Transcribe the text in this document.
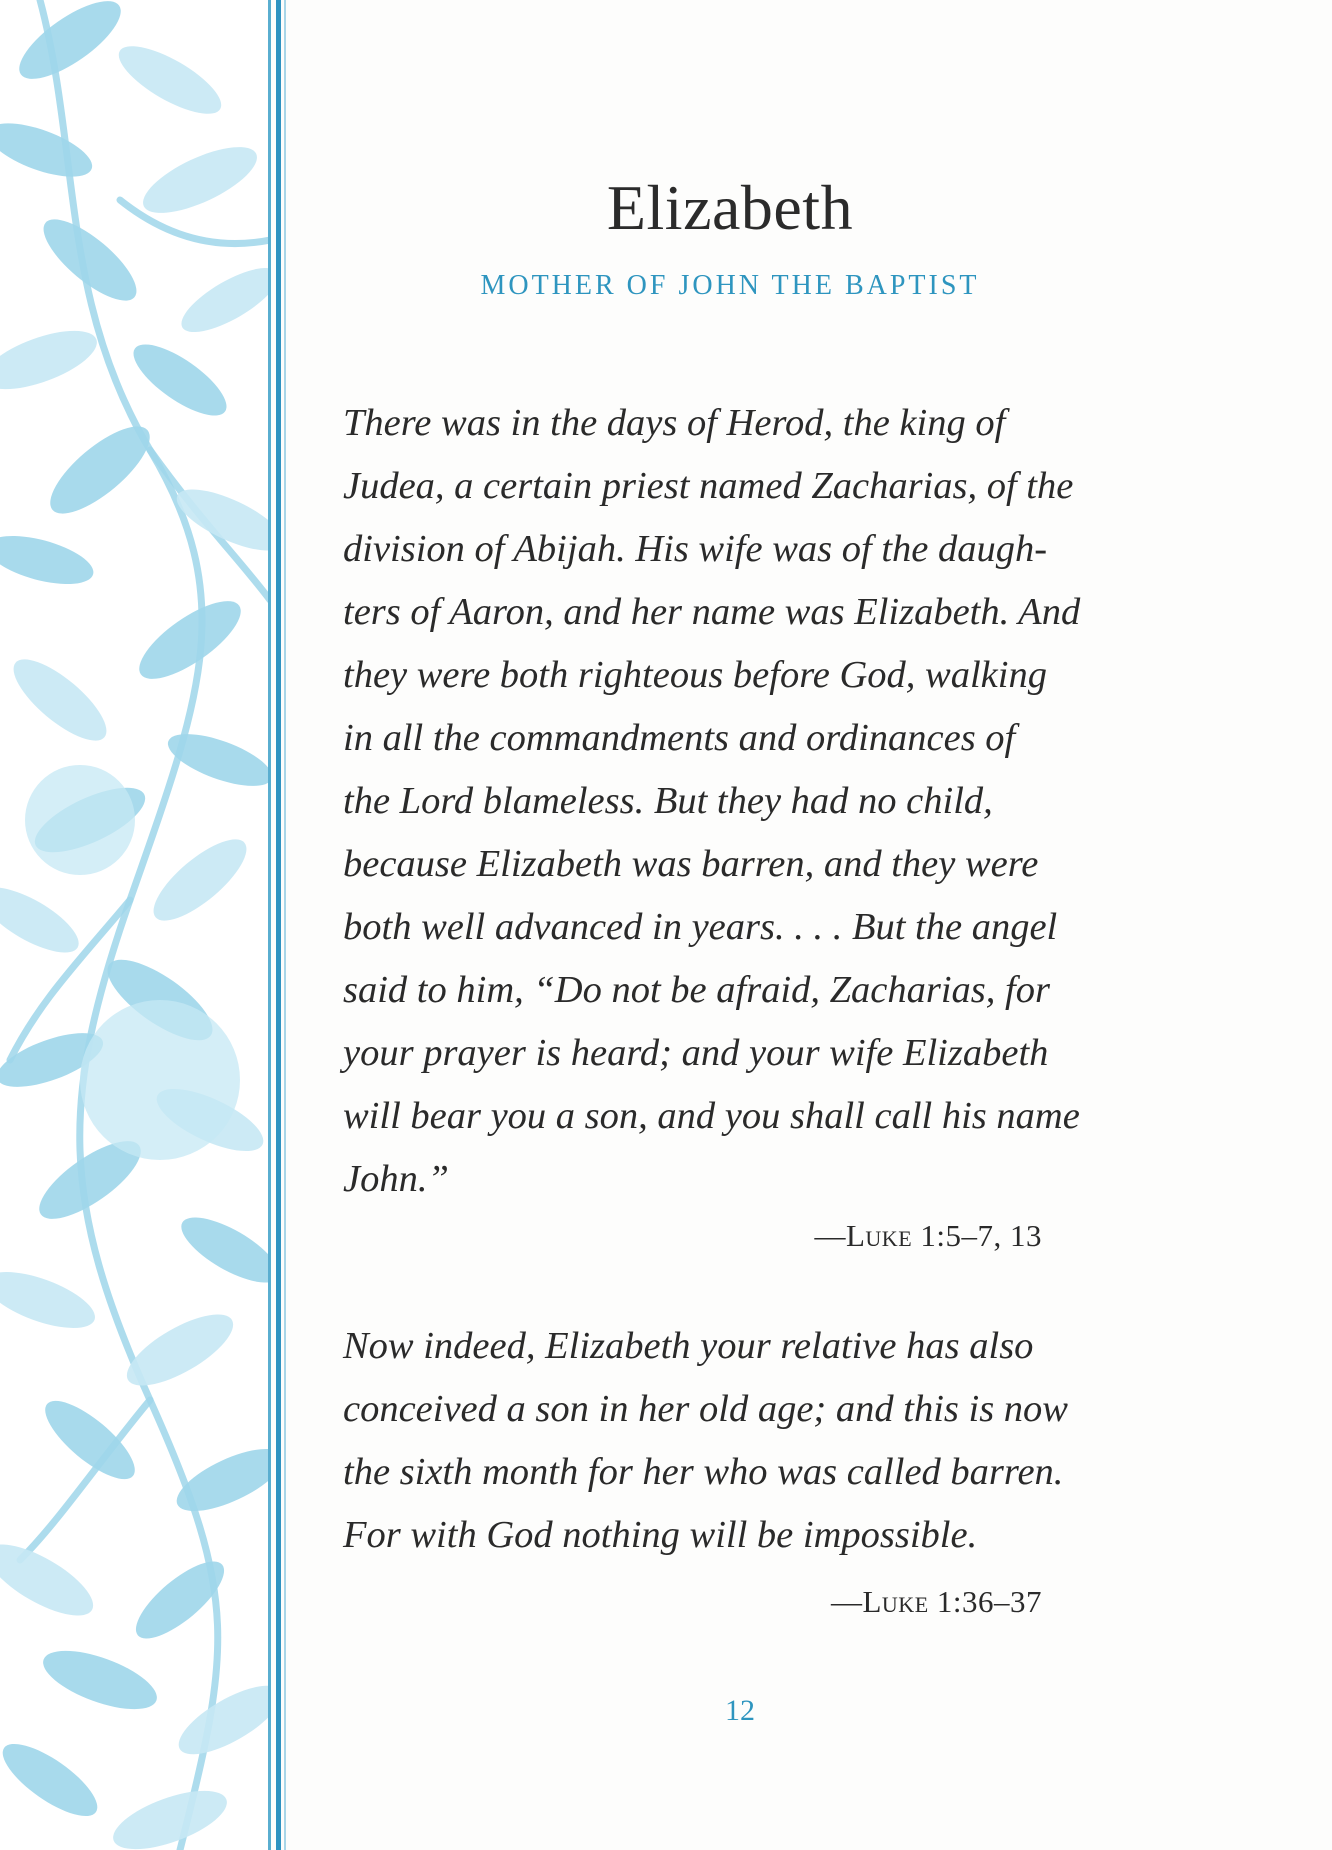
Elizabeth

MOTHER OF JOHN THE BAPTIST

There was in the days of Herod, the king of
Judea, a certain priest named Zacharias, of the
division of Abijah. His wife was of the daugh-
ters of Aaron, and her name was Elizabeth. And
they were both righteous before God, walking
in all the commandments and ordinances of
the Lord blameless. But they had no child,
because Elizabeth was barren, and they were
both well advanced in years. . . . But the angel
said to him, “Do not be afraid, Zacharias, for
your prayer is heard; and your wife Elizabeth
will bear you a son, and you shall call his name
John.”

—Luke 1:5–7, 13

Now indeed, Elizabeth your relative has also
conceived a son in her old age; and this is now
the sixth month for her who was called barren.
For with God nothing will be impossible.

—Luke 1:36–37

12
